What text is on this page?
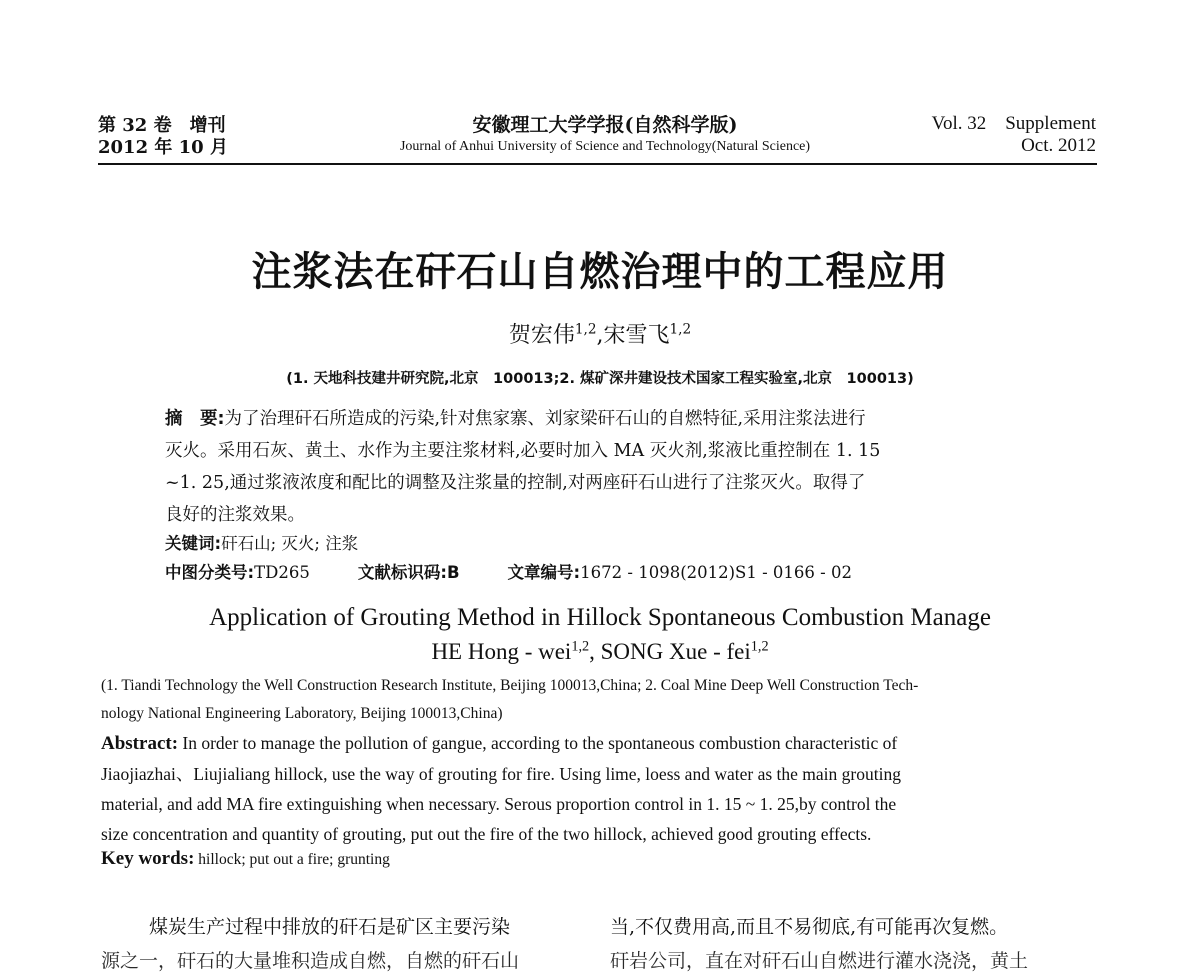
第 32 卷　增刊
2012 年 10 月
安徽理工大学学报(自然科学版)
Journal of Anhui University of Science and Technology(Natural Science)
Vol. 32　Supplement
Oct. 2012
注浆法在矸石山自燃治理中的工程应用
贺宏伟$^{1,2}$,宋雪飞$^{1,2}$
(1. 天地科技建井研究院,北京　100013;2. 煤矿深井建设技术国家工程实验室,北京　100013)
摘　要:为了治理矸石所造成的污染,针对焦家寨、刘家梁矸石山的自燃特征,采用注浆法进行
灭火。采用石灰、黄土、水作为主要注浆材料,必要时加入 MA 灭火剂,浆液比重控制在 1. 15
~1. 25,通过浆液浓度和配比的调整及注浆量的控制,对两座矸石山进行了注浆灭火。取得了
良好的注浆效果。
关键词:矸石山; 灭火; 注浆
中图分类号:TD265	文献标识码:B	文章编号:1672 - 1098(2012)S1 - 0166 - 02
Application of Grouting Method in Hillock Spontaneous Combustion Manage
HE Hong - wei$^{1,2}$, SONG Xue - fei$^{1,2}$
(1. Tiandi Technology the Well Construction Research Institute, Beijing 100013,China; 2. Coal Mine Deep Well Construction Tech-
nology National Engineering Laboratory, Beijing 100013,China)
Abstract: In order to manage the pollution of gangue, according to the spontaneous combustion characteristic of
Jiaojiazhai、Liujialiang hillock, use the way of grouting for fire. Using lime, loess and water as the main grouting
material, and add MA fire extinguishing when necessary. Serous proportion control in 1. 15 ~ 1. 25,by control the
size concentration and quantity of grouting, put out the fire of the two hillock, achieved good grouting effects.
Key words: hillock; put out a fire; grunting
煤炭生产过程中排放的矸石是矿区主要污染
源之一，矸石的大量堆积造成自燃，自燃的矸石山
当,不仅费用高,而且不易彻底,有可能再次复燃。
矸岩公司，直在对矸石山自燃进行灌水浇浇，黄土
